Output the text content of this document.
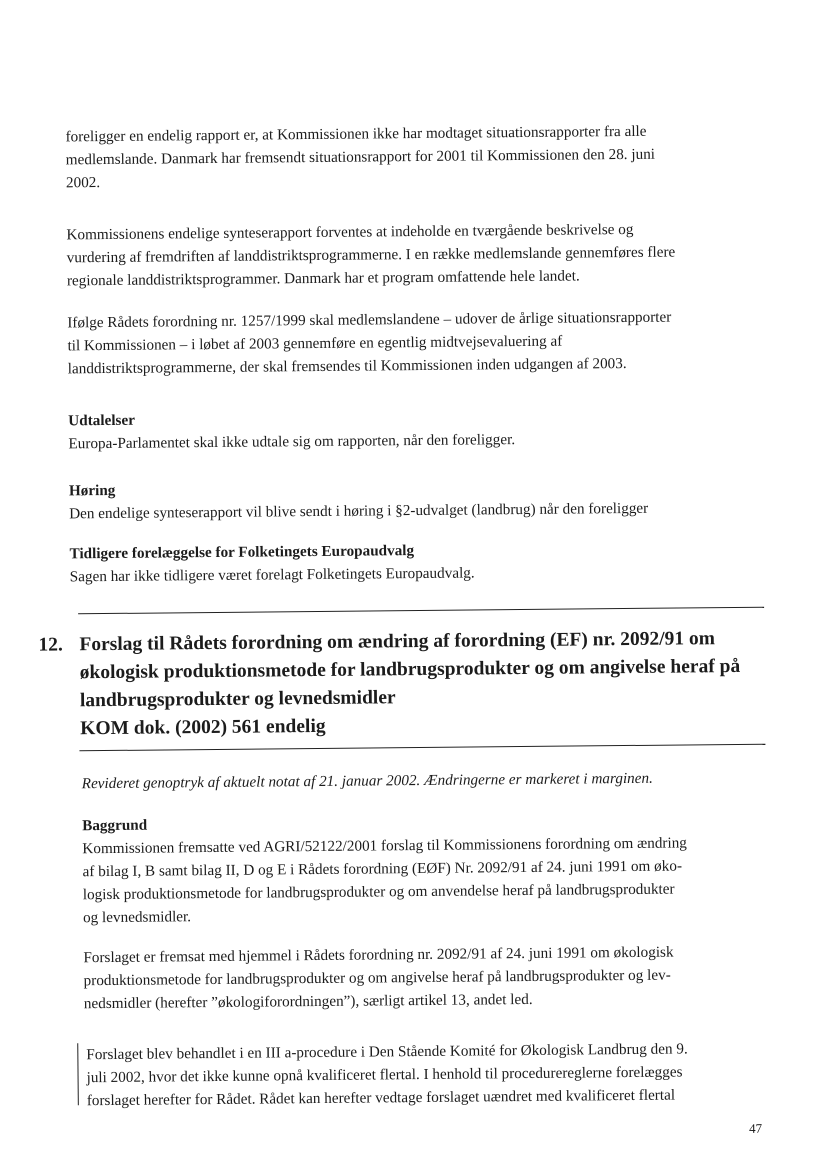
foreligger en endelig rapport er, at Kommissionen ikke har modtaget situationsrapporter fra alle

medlemslande. Danmark har fremsendt situationsrapport for 2001 til Kommissionen den 28. juni

2002.

Kommissionens endelige synteserapport forventes at indeholde en tværgående beskrivelse og

vurdering af fremdriften af landdistriktsprogrammerne. I en række medlemslande gennemføres flere

regionale landdistriktsprogrammer. Danmark har et program omfattende hele landet.

Ifølge Rådets forordning nr. 1257/1999 skal medlemslandene – udover de årlige situationsrapporter

til Kommissionen – i løbet af 2003 gennemføre en egentlig midtvejsevaluering af

landdistriktsprogrammerne, der skal fremsendes til Kommissionen inden udgangen af 2003.

Udtalelser

Europa-Parlamentet skal ikke udtale sig om rapporten, når den foreligger.

Høring

Den endelige synteserapport vil blive sendt i høring i §2-udvalget (landbrug) når den foreligger

Tidligere forelæggelse for Folketingets Europaudvalg

Sagen har ikke tidligere været forelagt Folketingets Europaudvalg.

12. Forslag til Rådets forordning om ændring af forordning (EF) nr. 2092/91 om
økologisk produktionsmetode for landbrugsprodukter og om angivelse heraf på
landbrugsprodukter og levnedsmidler
KOM dok. (2002) 561 endelig
Revideret genoptryk af aktuelt notat af 21. januar 2002. Ændringerne er markeret i marginen.
Baggrund

Kommissionen fremsatte ved AGRI/52122/2001 forslag til Kommissionens forordning om ændring

af bilag I, B samt bilag II, D og E i Rådets forordning (EØF) Nr. 2092/91 af 24. juni 1991 om øko-

logisk produktionsmetode for landbrugsprodukter og om anvendelse heraf på landbrugsprodukter

og levnedsmidler.

Forslaget er fremsat med hjemmel i Rådets forordning nr. 2092/91 af 24. juni 1991 om økologisk

produktionsmetode for landbrugsprodukter og om angivelse heraf på landbrugsprodukter og lev-

nedsmidler (herefter ”økologiforordningen”), særligt artikel 13, andet led.

Forslaget blev behandlet i en III a-procedure i Den Stående Komité for Økologisk Landbrug den 9.

juli 2002, hvor det ikke kunne opnå kvalificeret flertal. I henhold til procedurereglerne forelægges

forslaget herefter for Rådet. Rådet kan herefter vedtage forslaget uændret med kvalificeret flertal

47
